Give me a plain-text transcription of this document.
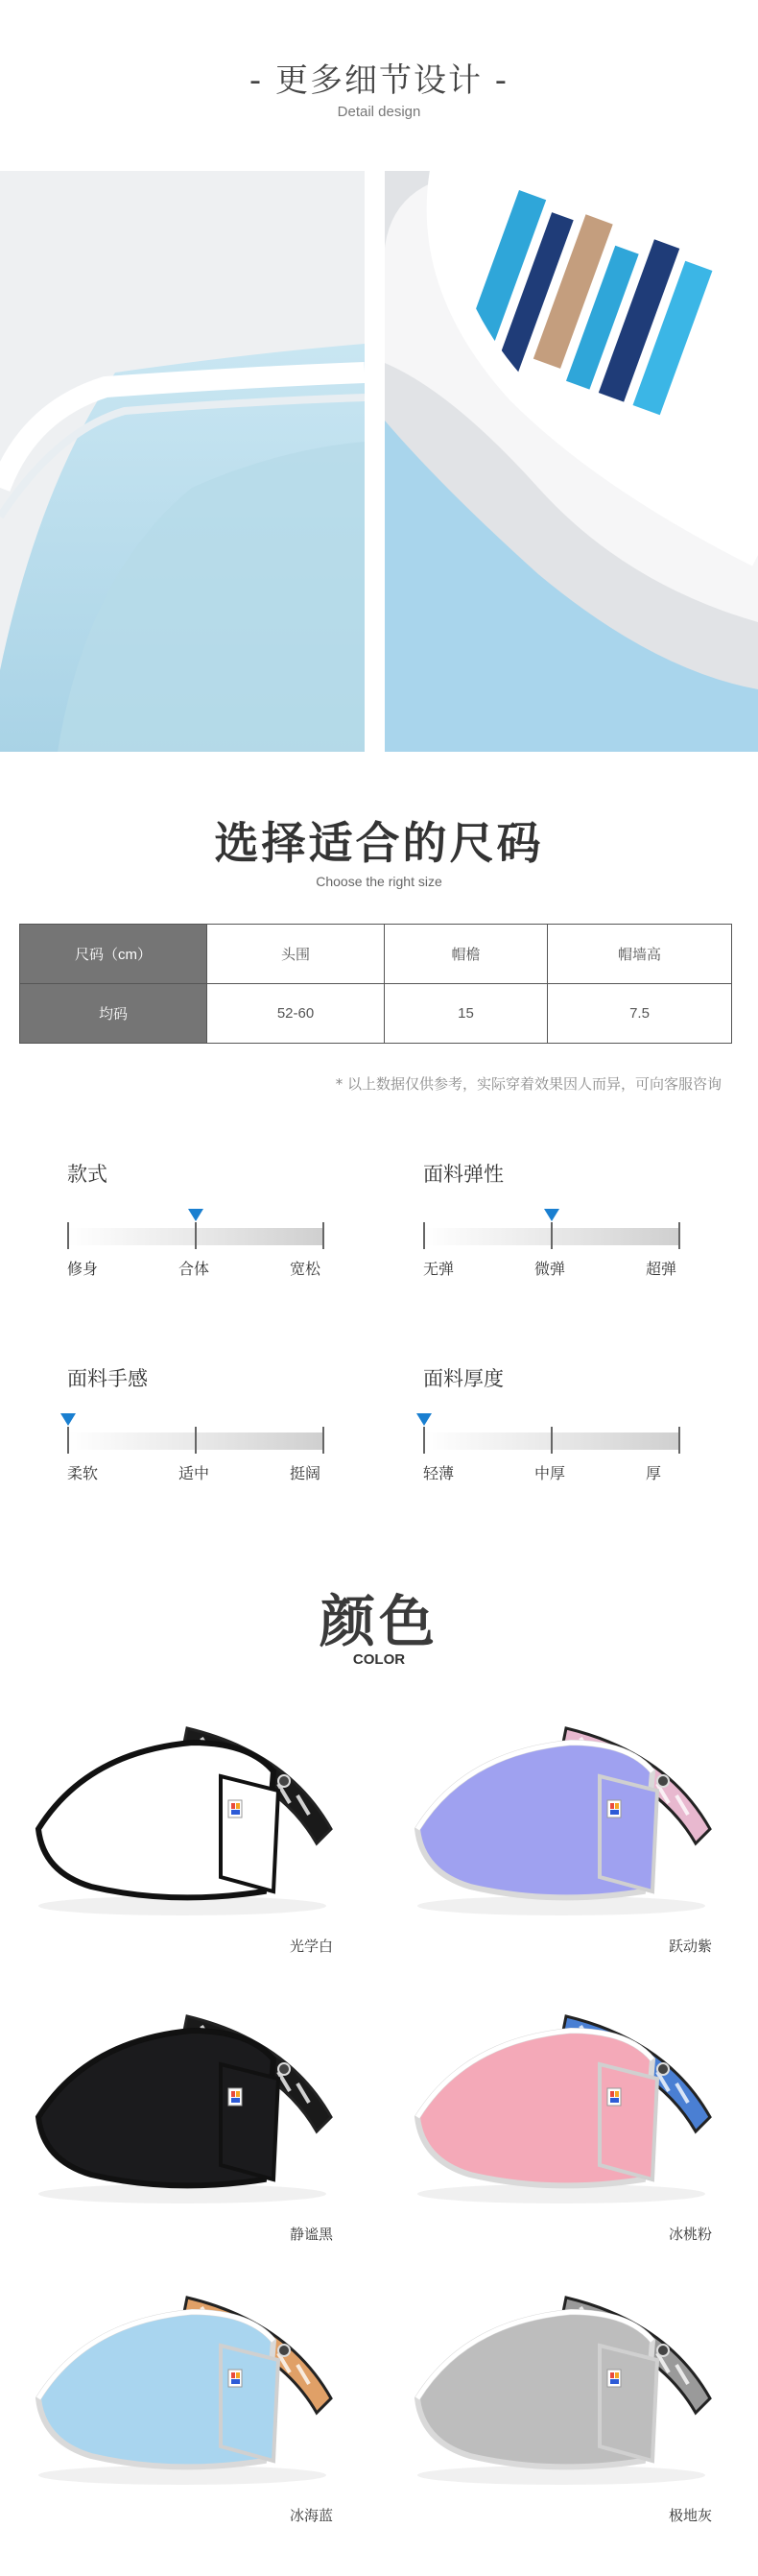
- 更多细节设计 -
Detail design
选择适合的尺码
Choose the right size
尺码（cm）	头围	帽檐	帽墙高
均码	52-60	15	7.5
* 以上数据仅供参考，实际穿着效果因人而异，可向客服咨询
款式
修身	合体	宽松
面料弹性
无弹	微弹	超弹
面料手感
柔软	适中	挺阔
面料厚度
轻薄	中厚	厚
颜色
COLOR
光学白	跃动紫
静谧黑	冰桃粉
冰海蓝	极地灰
